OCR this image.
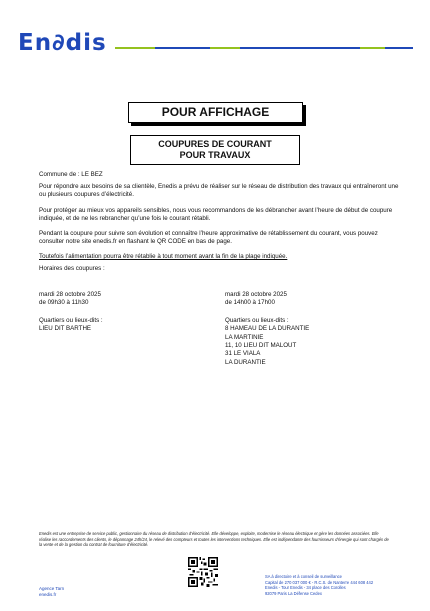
En∂dis
POUR AFFICHAGE
COUPURES DE COURANT
POUR TRAVAUX
Commune de : LE BEZ
Pour répondre aux besoins de sa clientèle, Enedis a prévu de réaliser sur le réseau de distribution des travaux qui entraîneront une ou plusieurs coupures d’électricité.
Pour protéger au mieux vos appareils sensibles, nous vous recommandons de les débrancher avant l’heure de début de coupure indiquée, et de ne les rebrancher qu’une fois le courant rétabli.
Pendant la coupure pour suivre son évolution et connaître l’heure approximative de rétablissement du courant, vous pouvez consulter notre site enedis.fr en flashant le QR CODE en bas de page.
Toutefois l’alimentation pourra être rétablie à tout moment avant la fin de la plage indiquée.
Horaires des coupures :
mardi 28 octobre 2025
de 09h30 à 11h30
Quartiers ou lieux-dits :
LIEU DIT BARTHE
mardi 28 octobre 2025
de 14h00 à 17h00
Quartiers ou lieux-dits :
8 HAMEAU DE LA DURANTIE
LA MARTINIE
11, 10 LIEU DIT MALOUT
31 LE VIALA
LA DURANTIE
Enedis est une entreprise de service public, gestionnaire du réseau de distribution d’électricité. Elle développe, exploite, modernise le réseau électrique et gère les données associées. Elle réalise les raccordements des clients, le dépannage 24h/24, le relevé des compteurs et toutes les interventions techniques. Elle est indépendante des fournisseurs d’énergie qui sont chargés de la vente et de la gestion du contrat de fourniture d’électricité.
Agence Tarn
enedis.fr
SA à directoire et à conseil de surveillance
Capital de 270 037 000 € - R.C.S. de Nanterre 444 608 442
Enedis - Tour Enedis - 34 place des Corolles
92079 Paris La Défense Cedex
